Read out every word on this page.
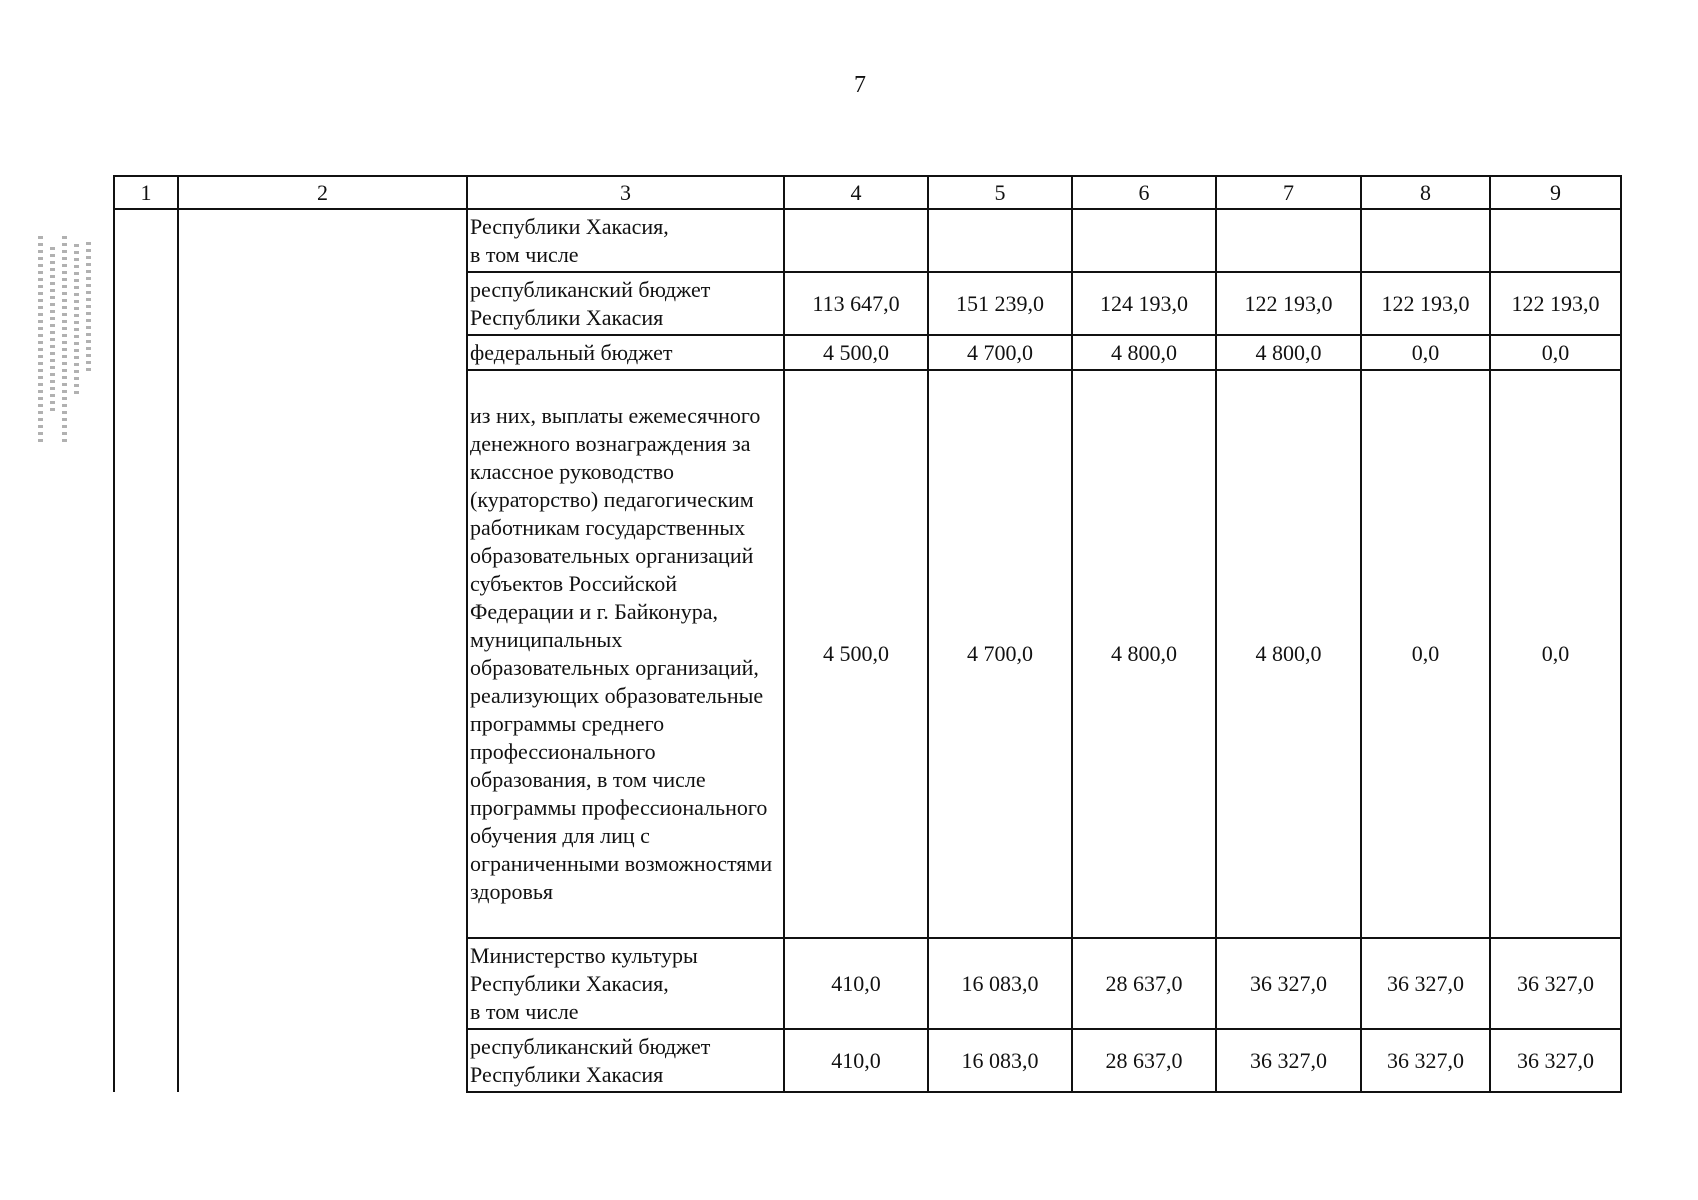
7
1	2	3	4	5	6	7	8	9
		Республики Хакасия,
в том числе						
		республиканский бюджет
Республики Хакасия	113 647,0	151 239,0	124 193,0	122 193,0	122 193,0	122 193,0
		федеральный бюджет	4 500,0	4 700,0	4 800,0	4 800,0	0,0	0,0
		из них, выплаты ежемесячного денежного вознаграждения за классное руководство (кураторство) педагогическим работникам государственных образовательных организаций субъектов Российской Федерации и г. Байконура, муниципальных образовательных организаций, реализующих образовательные программы среднего профессионального образования, в том числе программы профессионального обучения для лиц с ограниченными возможностями здоровья	4 500,0	4 700,0	4 800,0	4 800,0	0,0	0,0
		Министерство культуры
Республики Хакасия,
в том числе	410,0	16 083,0	28 637,0	36 327,0	36 327,0	36 327,0
		республиканский бюджет
Республики Хакасия	410,0	16 083,0	28 637,0	36 327,0	36 327,0	36 327,0
